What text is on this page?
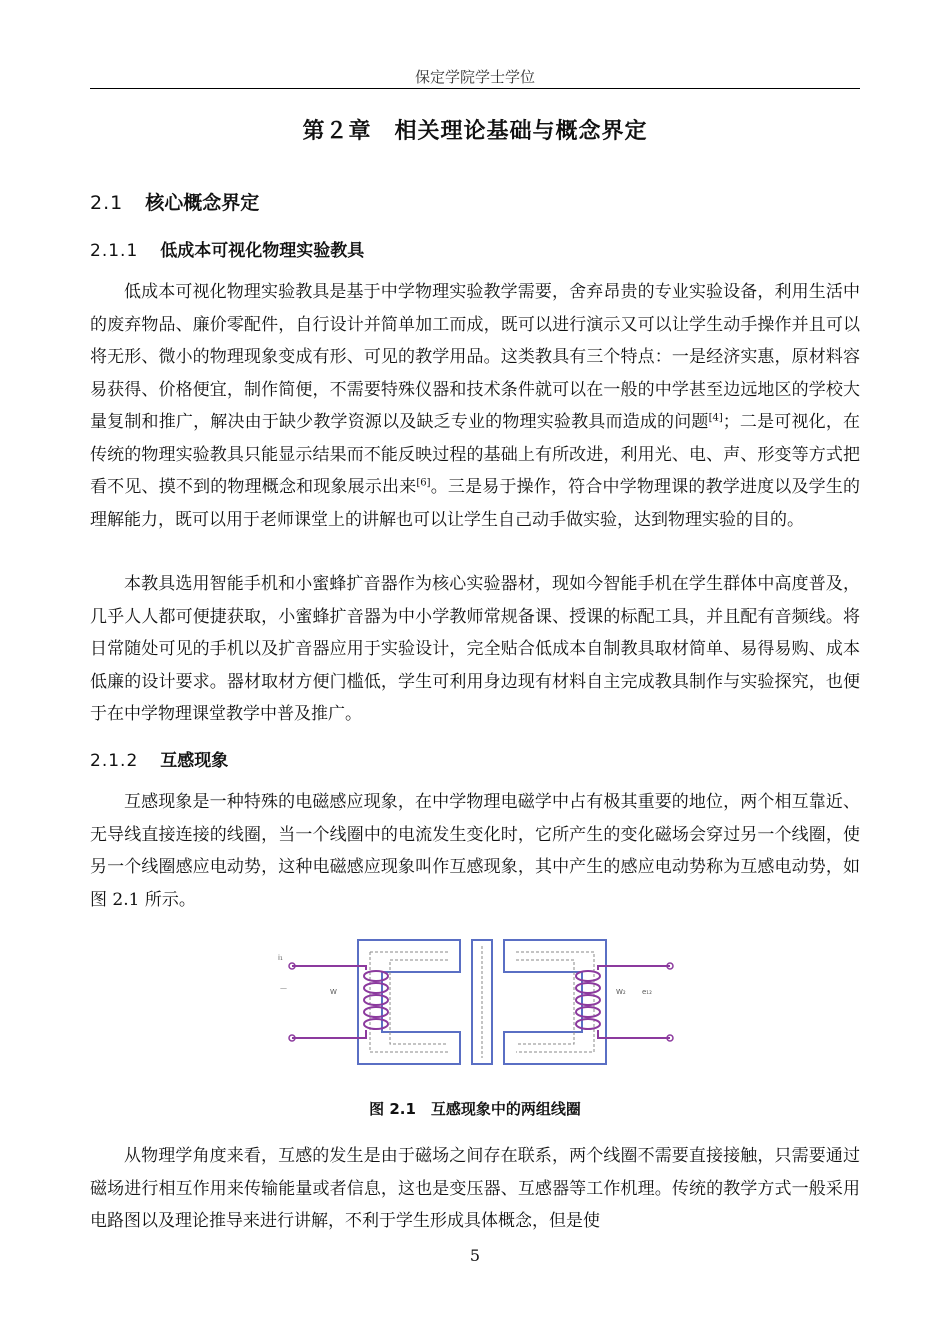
保定学院学士学位
第２章　相关理论基础与概念界定
2.1 核心概念界定
2.1.1 低成本可视化物理实验教具

低成本可视化物理实验教具是基于中学物理实验教学需要，舍弃昂贵的专业实验设备，利用生活中的废弃物品、廉价零配件，自行设计并简单加工而成，既可以进行演示又可以让学生动手操作并且可以将无形、微小的物理现象变成有形、可见的教学用品。这类教具有三个特点：一是经济实惠，原材料容易获得、价格便宜，制作简便，不需要特殊仪器和技术条件就可以在一般的中学甚至边远地区的学校大量复制和推广，解决由于缺少教学资源以及缺乏专业的物理实验教具而造成的问题[4]；二是可视化，在传统的物理实验教具只能显示结果而不能反映过程的基础上有所改进，利用光、电、声、形变等方式把看不见、摸不到的物理概念和现象展示出来[6]。三是易于操作，符合中学物理课的教学进度以及学生的理解能力，既可以用于老师课堂上的讲解也可以让学生自己动手做实验，达到物理实验的目的。

本教具选用智能手机和小蜜蜂扩音器作为核心实验器材，现如今智能手机在学生群体中高度普及，几乎人人都可便捷获取，小蜜蜂扩音器为中小学教师常规备课、授课的标配工具，并且配有音频线。将日常随处可见的手机以及扩音器应用于实验设计，完全贴合低成本自制教具取材简单、易得易购、成本低廉的设计要求。器材取材方便门槛低，学生可利用身边现有材料自主完成教具制作与实验探究，也便于在中学物理课堂教学中普及推广。

2.1.2 互感现象

互感现象是一种特殊的电磁感应现象，在中学物理电磁学中占有极其重要的地位，两个相互靠近、无导线直接连接的线圈，当一个线圈中的电流发生变化时，它所产生的变化磁场会穿过另一个线圈，使另一个线圈感应电动势，这种电磁感应现象叫作互感现象，其中产生的感应电动势称为互感电动势，如图 2.1 所示。

i₁
—	W	W₂ e₁₂
图 2.1　互感现象中的两组线圈

从物理学角度来看，互感的发生是由于磁场之间存在联系，两个线圈不需要直接接触，只需要通过磁场进行相互作用来传输能量或者信息，这也是变压器、互感器等工作机理。传统的教学方式一般采用电路图以及理论推导来进行讲解，不利于学生形成具体概念，但是使

5
